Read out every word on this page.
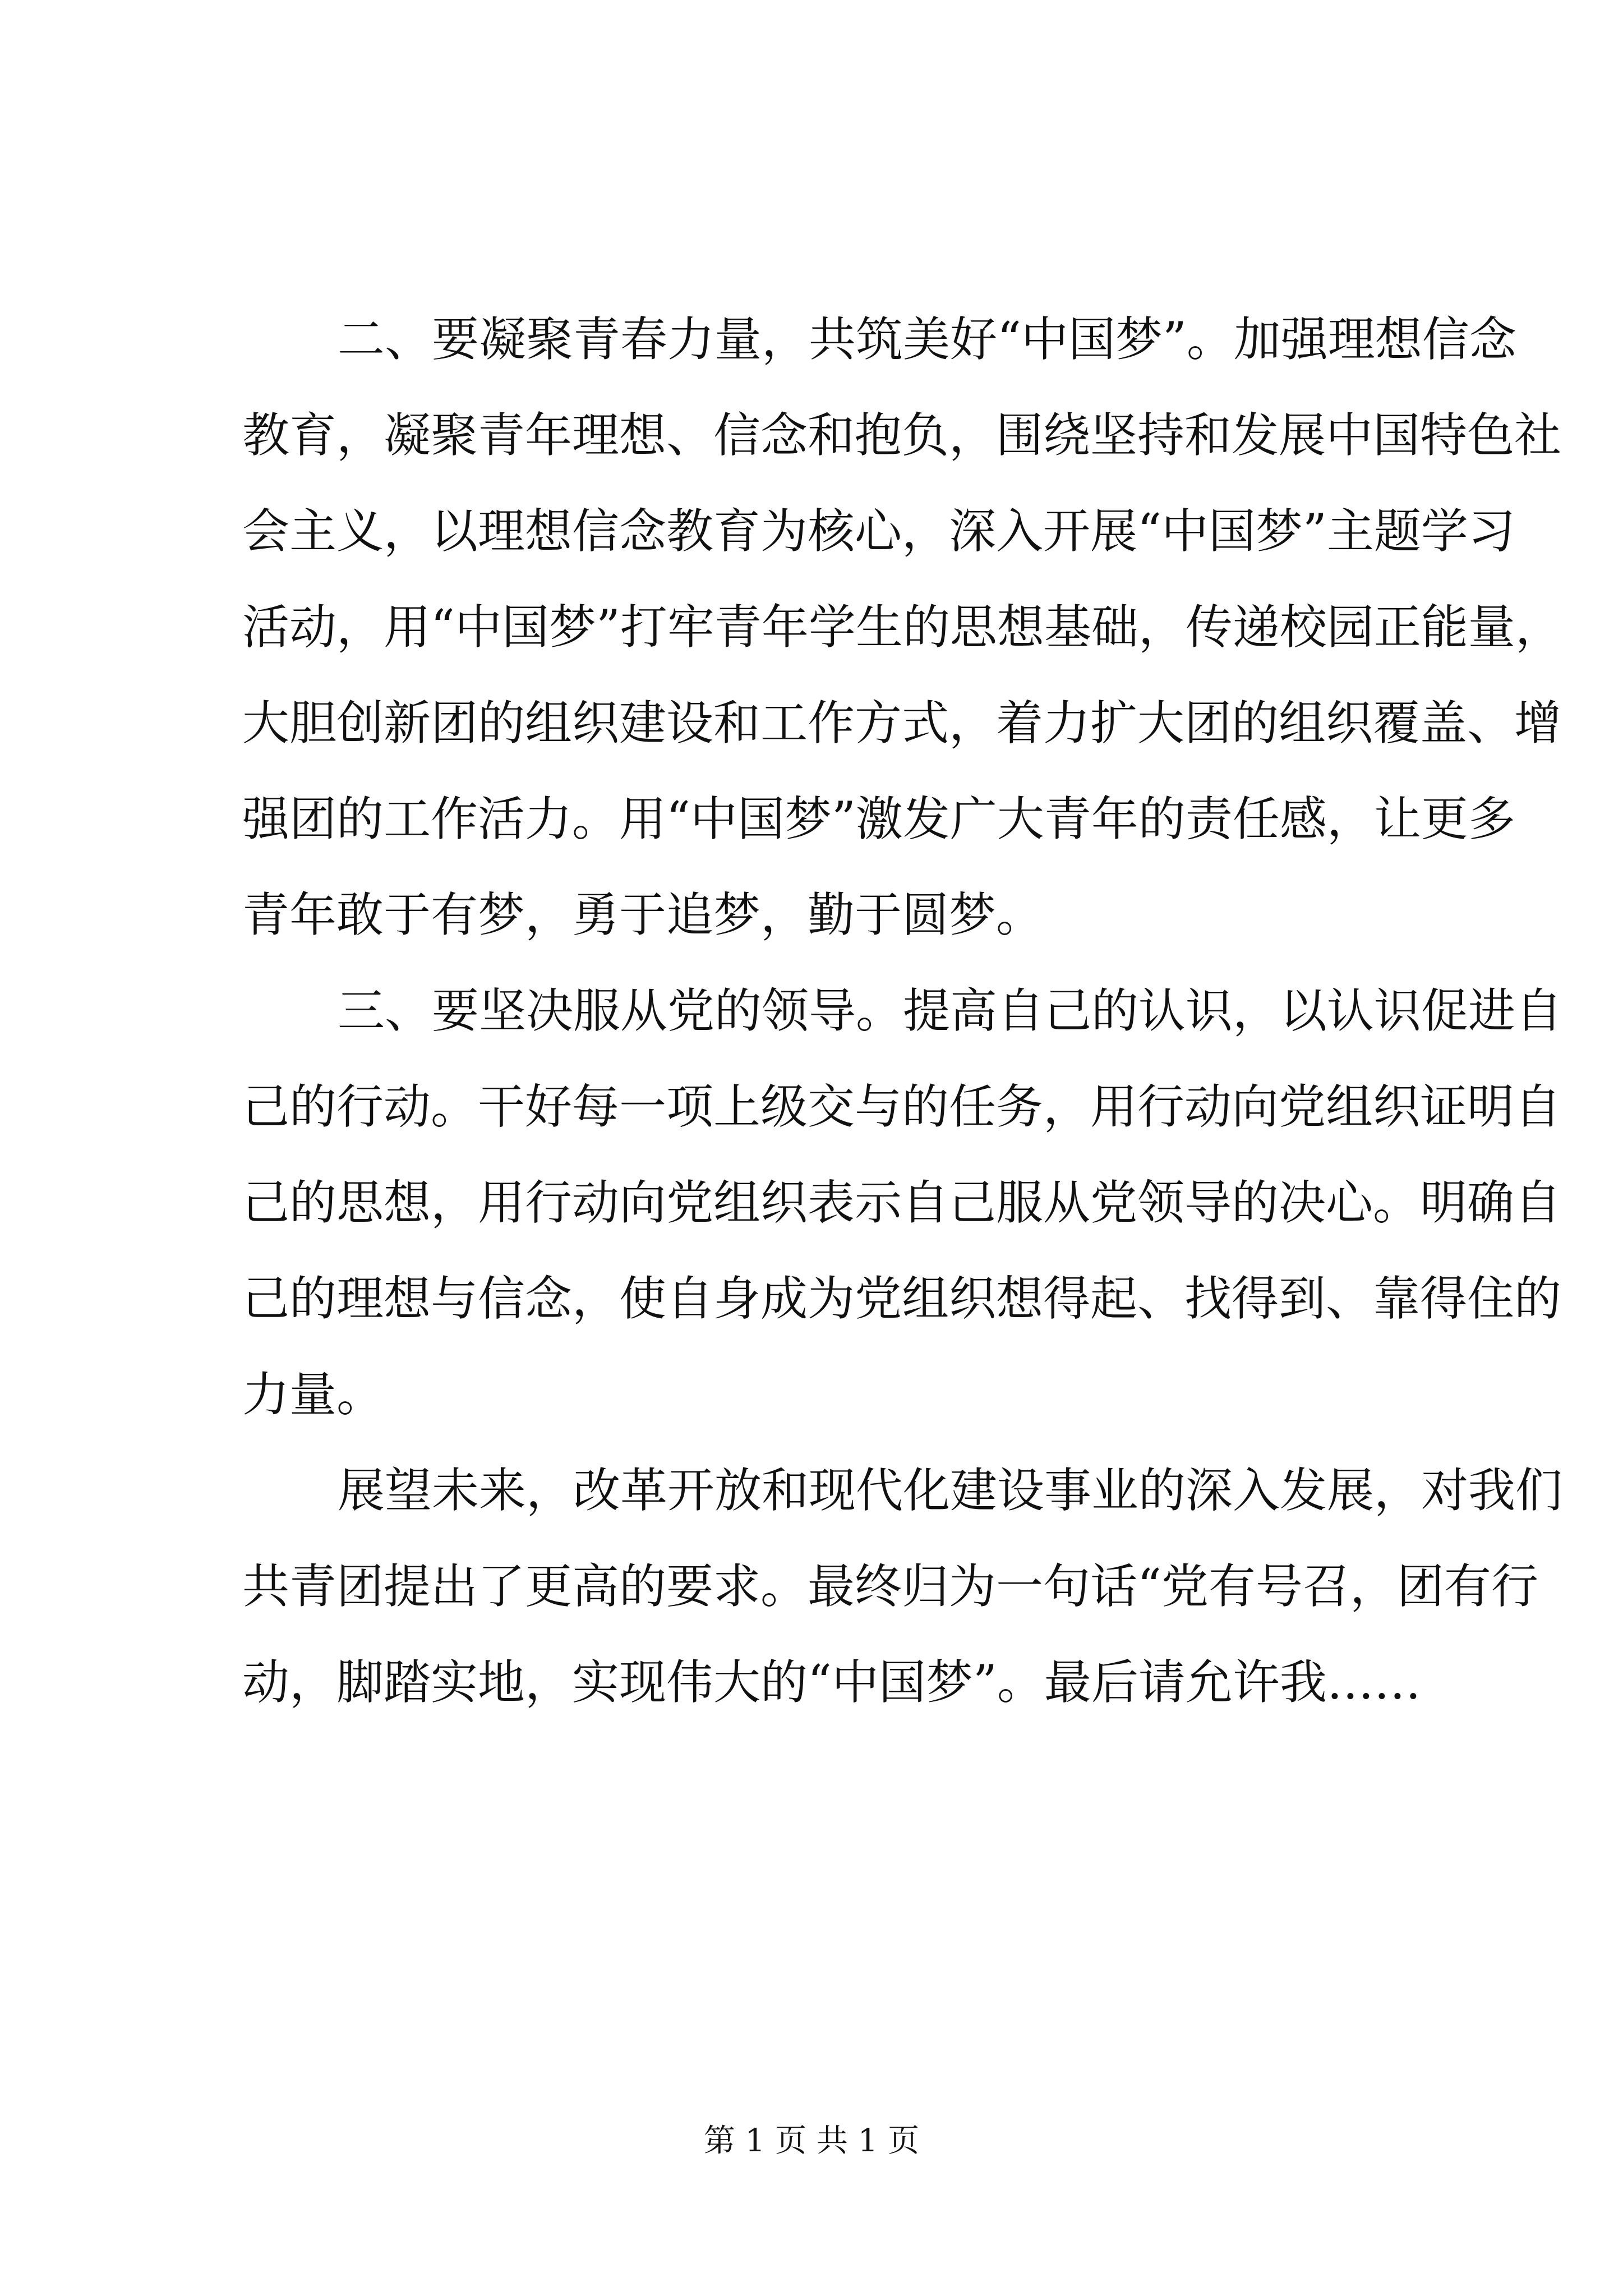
二、要凝聚青春力量，共筑美好“中国梦”。加强理想信念
教育，凝聚青年理想、信念和抱负，围绕坚持和发展中国特色社
会主义，以理想信念教育为核心，深入开展“中国梦”主题学习
活动，用“中国梦”打牢青年学生的思想基础，传递校园正能量，
大胆创新团的组织建设和工作方式，着力扩大团的组织覆盖、增
强团的工作活力。用“中国梦”激发广大青年的责任感，让更多
青年敢于有梦，勇于追梦，勤于圆梦。
三、要坚决服从党的领导。提高自己的认识，以认识促进自
己的行动。干好每一项上级交与的任务，用行动向党组织证明自
己的思想，用行动向党组织表示自己服从党领导的决心。明确自
己的理想与信念，使自身成为党组织想得起、找得到、靠得住的
力量。
展望未来，改革开放和现代化建设事业的深入发展，对我们
共青团提出了更高的要求。最终归为一句话“党有号召，团有行
动，脚踏实地，实现伟大的“中国梦”。最后请允许我……
第 1 页 共 1 页
